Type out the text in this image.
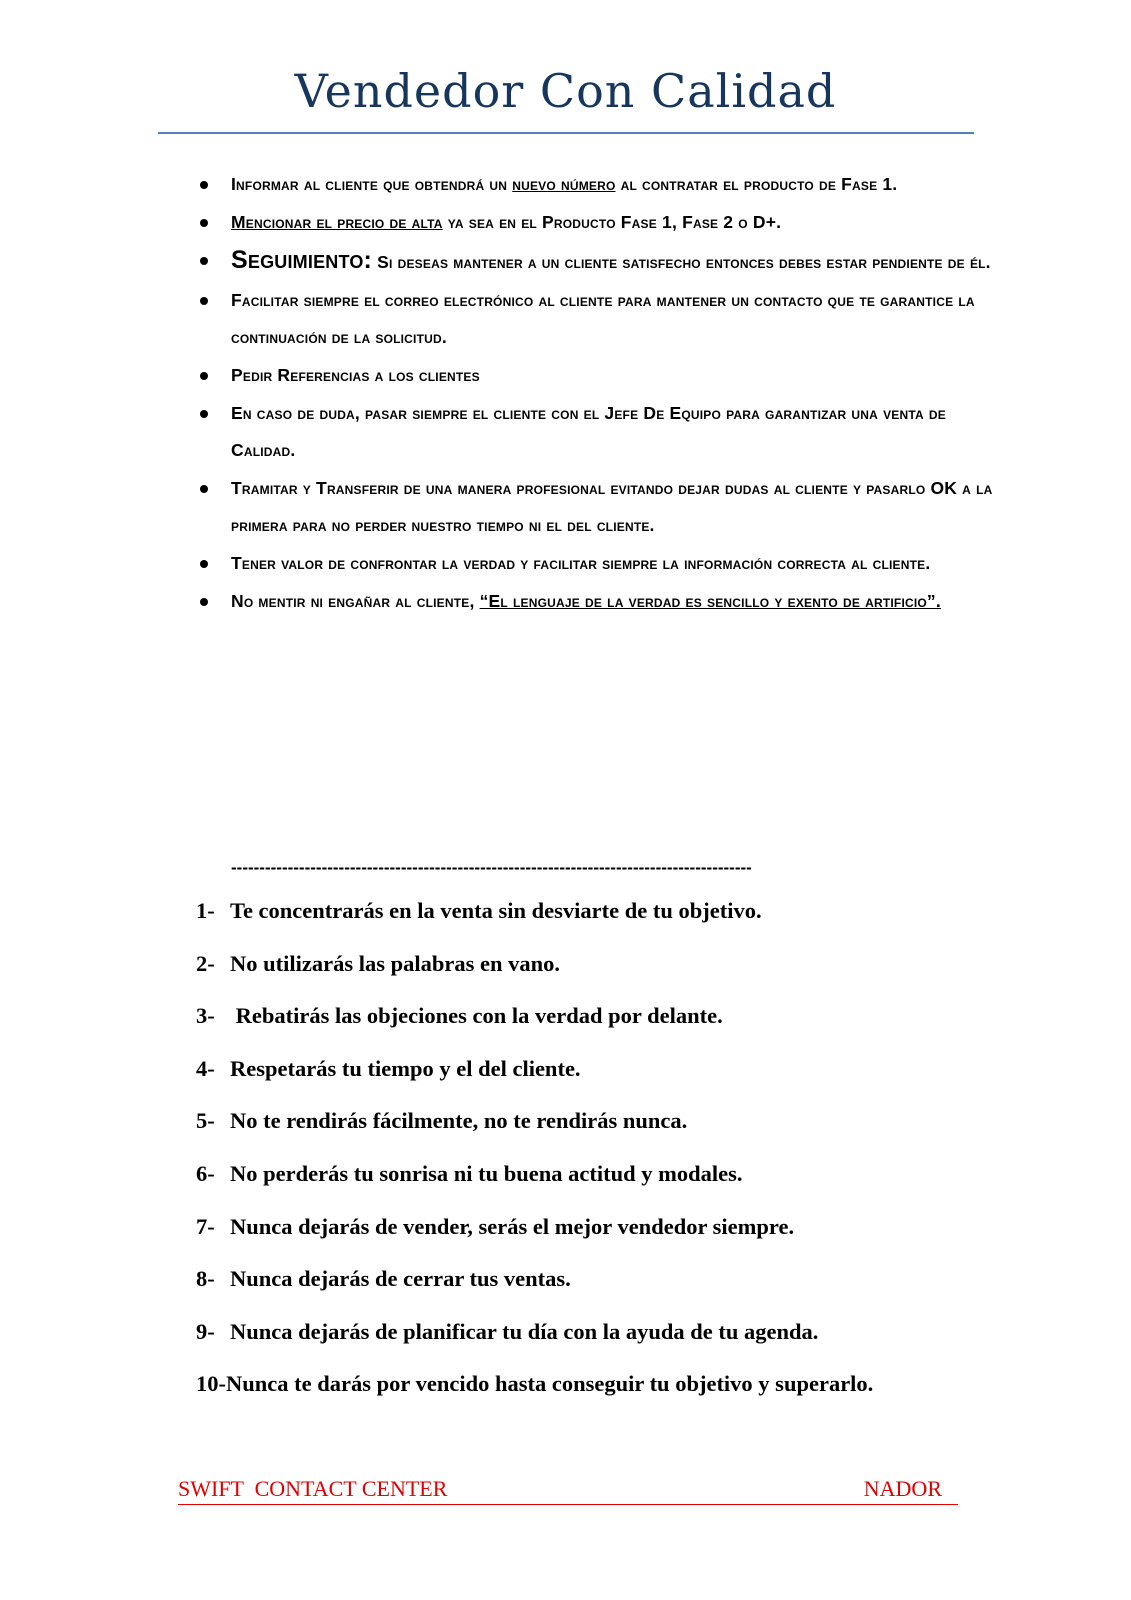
Vendedor Con Calidad
Informar al cliente que obtendrá un nuevo número al contratar el producto de Fase 1.
Mencionar el precio de alta ya sea en el Producto Fase 1, Fase 2 o D+.
Seguimiento: Si deseas mantener a un cliente satisfecho entonces debes estar pendiente de él.
Facilitar siempre el correo electrónico al cliente para mantener un contacto que te garantice la continuación de la solicitud.
Pedir Referencias a los clientes
En caso de duda, pasar siempre el cliente con el Jefe De Equipo para garantizar una venta de Calidad.
Tramitar y Transferir de una manera profesional evitando dejar dudas al cliente y pasarlo OK a la primera para no perder nuestro tiempo ni el del cliente.
Tener valor de confrontar la verdad y facilitar siempre la información correcta al cliente.
No mentir ni engañar al cliente, “El lenguaje de la verdad es sencillo y exento de artificio”.
--------------------------------------------------------------------------------------------
1- Te concentrarás en la venta sin desviarte de tu objetivo.
2- No utilizarás las palabras en vano.
3- Rebatirás las objeciones con la verdad por delante.
4- Respetarás tu tiempo y el del cliente.
5- No te rendirás fácilmente, no te rendirás nunca.
6- No perderás tu sonrisa ni tu buena actitud y modales.
7- Nunca dejarás de vender, serás el mejor vendedor siempre.
8- Nunca dejarás de cerrar tus ventas.
9- Nunca dejarás de planificar tu día con la ayuda de tu agenda.
10-Nunca te darás por vencido hasta conseguir tu objetivo y superarlo.
SWIFT  CONTACT CENTER	NADOR
